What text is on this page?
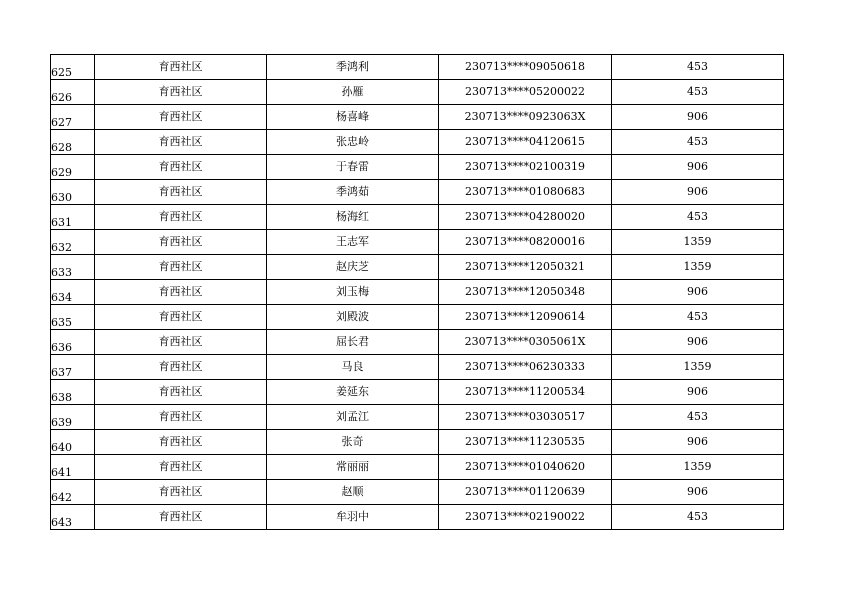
625	育西社区	季鸿利	230713****09050618	453
626	育西社区	孙雁	230713****05200022	453
627	育西社区	杨喜峰	230713****0923063X	906
628	育西社区	张忠岭	230713****04120615	453
629	育西社区	于春雷	230713****02100319	906
630	育西社区	季鸿茹	230713****01080683	906
631	育西社区	杨海红	230713****04280020	453
632	育西社区	王志军	230713****08200016	1359
633	育西社区	赵庆芝	230713****12050321	1359
634	育西社区	刘玉梅	230713****12050348	906
635	育西社区	刘殿波	230713****12090614	453
636	育西社区	屈长君	230713****0305061X	906
637	育西社区	马良	230713****06230333	1359
638	育西社区	姜延东	230713****11200534	906
639	育西社区	刘孟江	230713****03030517	453
640	育西社区	张奇	230713****11230535	906
641	育西社区	常丽丽	230713****01040620	1359
642	育西社区	赵顺	230713****01120639	906
643	育西社区	牟羽中	230713****02190022	453
